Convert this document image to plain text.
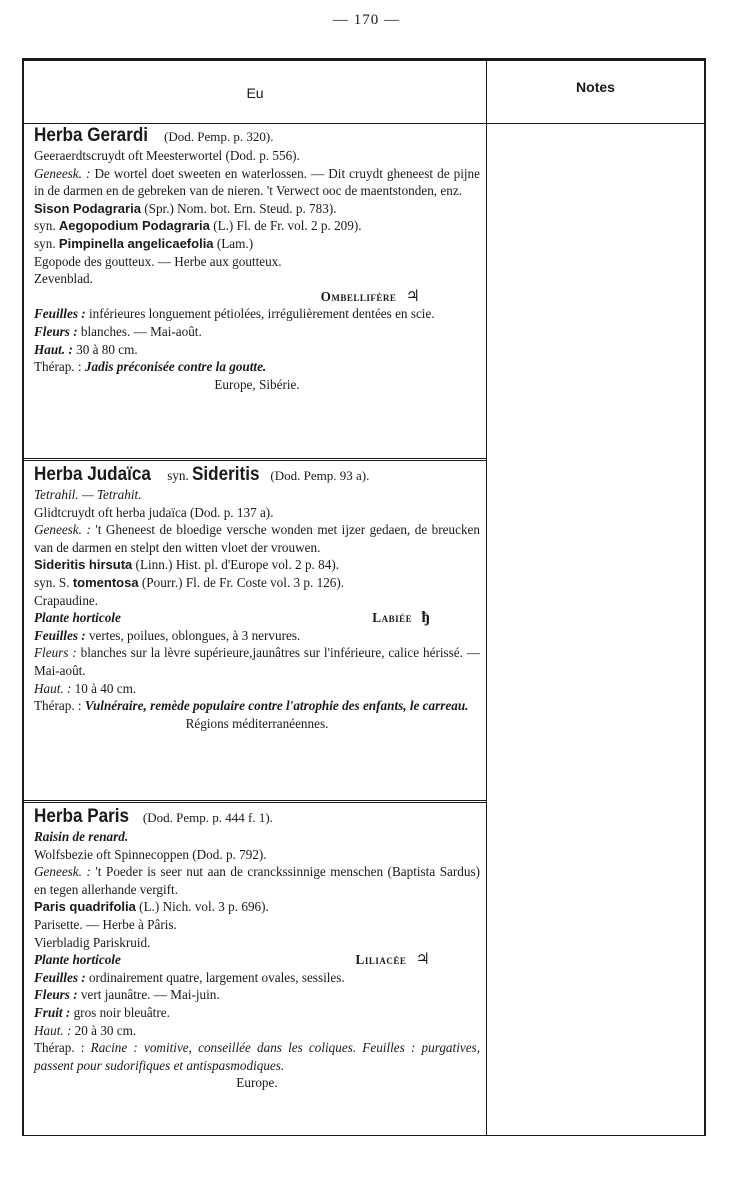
— 170 —
Eu	Notes

Herba Gerardi (Dod. Pemp. p. 320).

Geeraerdtscruydt oft Meesterwortel (Dod. p. 556).

Geneesk. : De wortel doet sweeten en waterlossen. — Dit cruydt gheneest de pijne in de darmen en de gebreken van de nieren. 't Verwect ooc de maentstonden, enz.

Sison Podagraria (Spr.) Nom. bot. Ern. Steud. p. 783).

syn. Aegopodium Podagraria (L.) Fl. de Fr. vol. 2 p. 209).

syn. Pimpinella angelicaefolia (Lam.)

Egopode des goutteux. — Herbe aux goutteux.

Zevenblad.

Ombellifère ♃

Feuilles : inférieures longuement pétiolées, irrégulièrement dentées en scie.

Fleurs : blanches. — Mai-août.

Haut. : 30 à 80 cm.

Thérap. : Jadis préconisée contre la goutte.

Europe, Sibérie.

Herba Judaïca syn. Sideritis (Dod. Pemp. 93 a).

Tetrahil. — Tetrahit.

Glidtcruydt oft herba judaïca (Dod. p. 137 a).

Geneesk. : 't Gheneest de bloedige versche wonden met ijzer gedaen, de breucken van de darmen en stelpt den witten vloet der vrouwen.

Sideritis hirsuta (Linn.) Hist. pl. d'Europe vol. 2 p. 84).

syn. S. tomentosa (Pourr.) Fl. de Fr. Coste vol. 3 p. 126).

Crapaudine.

Plante horticole	Labiée ђ

Feuilles : vertes, poilues, oblongues, à 3 nervures.

Fleurs : blanches sur la lèvre supérieure,jaunâtres sur l'inférieure, calice hérissé. — Mai-août.

Haut. : 10 à 40 cm.

Thérap. : Vulnéraire, remède populaire contre l'atrophie des enfants, le carreau.

Régions méditerranéennes.

Herba Paris (Dod. Pemp. p. 444 f. 1).

Raisin de renard.

Wolfsbezie oft Spinnecoppen (Dod. p. 792).

Geneesk. : 't Poeder is seer nut aan de cranckssinnige menschen (Baptista Sardus) en tegen allerhande vergift.

Paris quadrifolia (L.) Nich. vol. 3 p. 696).

Parisette. — Herbe à Pâris.

Vierbladig Pariskruid.

Plante horticole	Liliacée ♃

Feuilles : ordinairement quatre, largement ovales, sessiles.

Fleurs : vert jaunâtre. — Mai-juin.

Fruit : gros noir bleuâtre.

Haut. : 20 à 30 cm.

Thérap. : Racine : vomitive, conseillée dans les coliques. Feuilles : purgatives, passent pour sudorifiques et antispasmodiques.

Europe.
